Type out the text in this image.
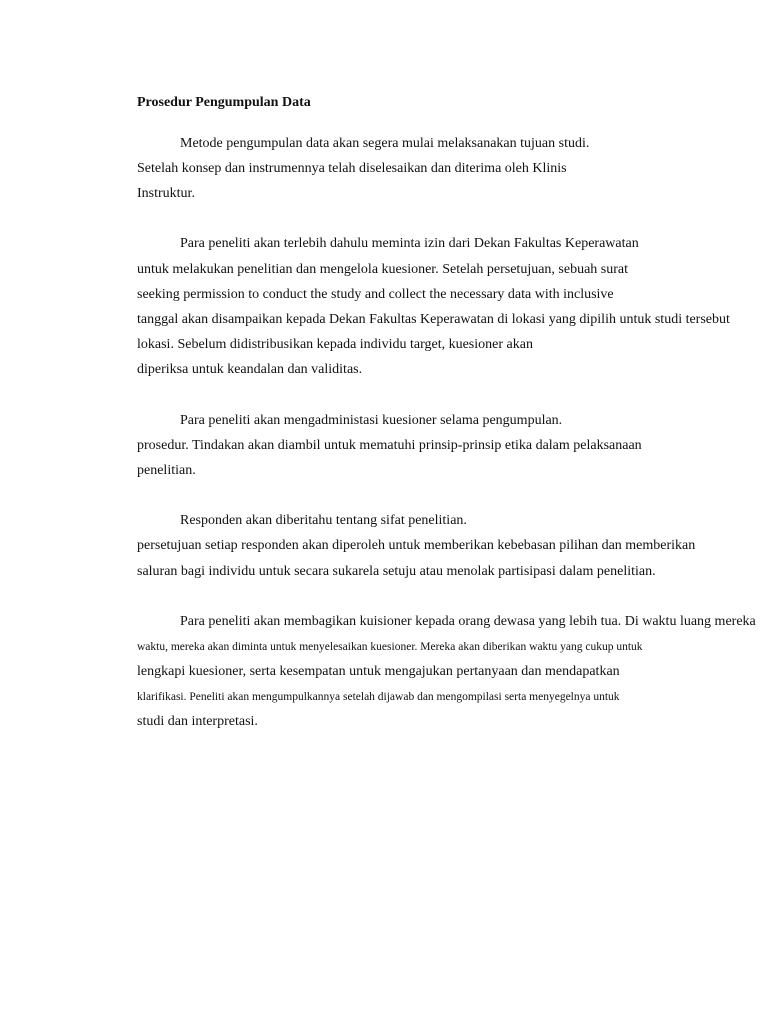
Prosedur Pengumpulan Data
Metode pengumpulan data akan segera mulai melaksanakan tujuan studi.
Setelah konsep dan instrumennya telah diselesaikan dan diterima oleh Klinis
Instruktur.
Para peneliti akan terlebih dahulu meminta izin dari Dekan Fakultas Keperawatan
untuk melakukan penelitian dan mengelola kuesioner. Setelah persetujuan, sebuah surat
seeking permission to conduct the study and collect the necessary data with inclusive
tanggal akan disampaikan kepada Dekan Fakultas Keperawatan di lokasi yang dipilih untuk studi tersebut
lokasi. Sebelum didistribusikan kepada individu target, kuesioner akan
diperiksa untuk keandalan dan validitas.
Para peneliti akan mengadministasi kuesioner selama pengumpulan.
prosedur. Tindakan akan diambil untuk mematuhi prinsip-prinsip etika dalam pelaksanaan
penelitian.
Responden akan diberitahu tentang sifat penelitian.
persetujuan setiap responden akan diperoleh untuk memberikan kebebasan pilihan dan memberikan
saluran bagi individu untuk secara sukarela setuju atau menolak partisipasi dalam penelitian.
Para peneliti akan membagikan kuisioner kepada orang dewasa yang lebih tua. Di waktu luang mereka
waktu, mereka akan diminta untuk menyelesaikan kuesioner. Mereka akan diberikan waktu yang cukup untuk
lengkapi kuesioner, serta kesempatan untuk mengajukan pertanyaan dan mendapatkan
klarifikasi. Peneliti akan mengumpulkannya setelah dijawab dan mengompilasi serta menyegelnya untuk
studi dan interpretasi.
